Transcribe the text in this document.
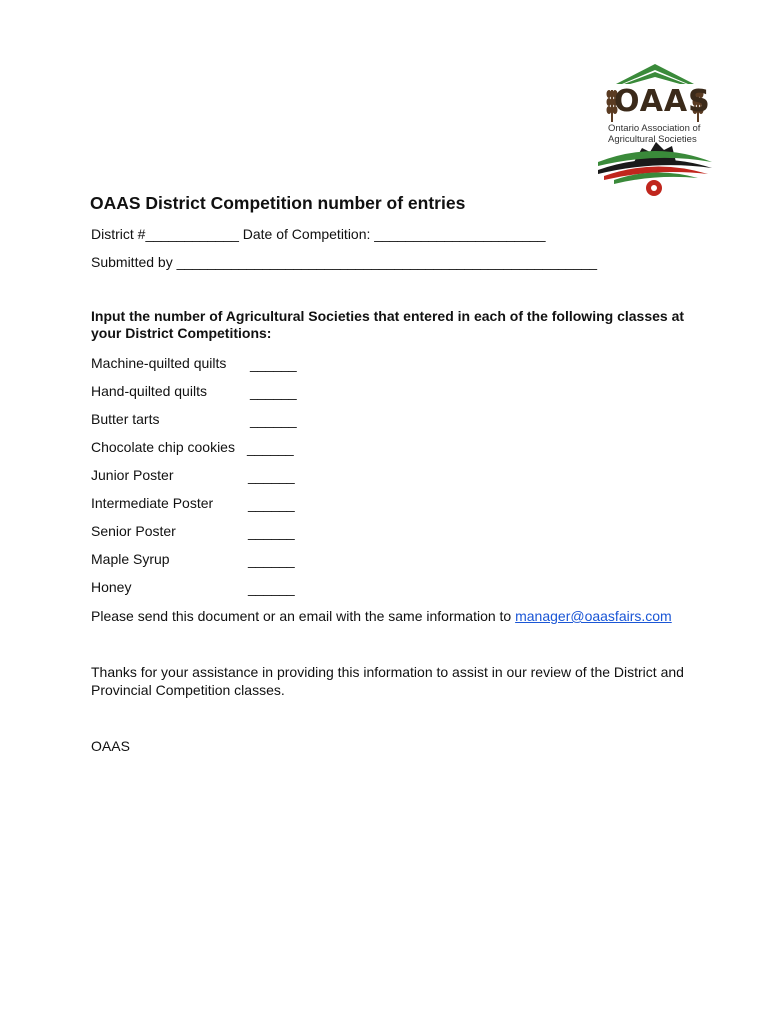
OAAS
Ontario Association of
Agricultural Societies
OAAS District Competition number of entries
District #____________ Date of Competition: ______________________
Submitted by ______________________________________________________
Input the number of Agricultural Societies that entered in each of the following classes at your District Competitions:
Machine-quilted quilts ______
Hand-quilted quilts	______
Butter tarts	______
Chocolate chip cookies ______
Junior Poster	______
Intermediate Poster ______
Senior Poster	______
Maple Syrup	______
Honey	______
Please send this document or an email with the same information to manager@oaasfairs.com
Thanks for your assistance in providing this information to assist in our review of the District and Provincial Competition classes.
OAAS
